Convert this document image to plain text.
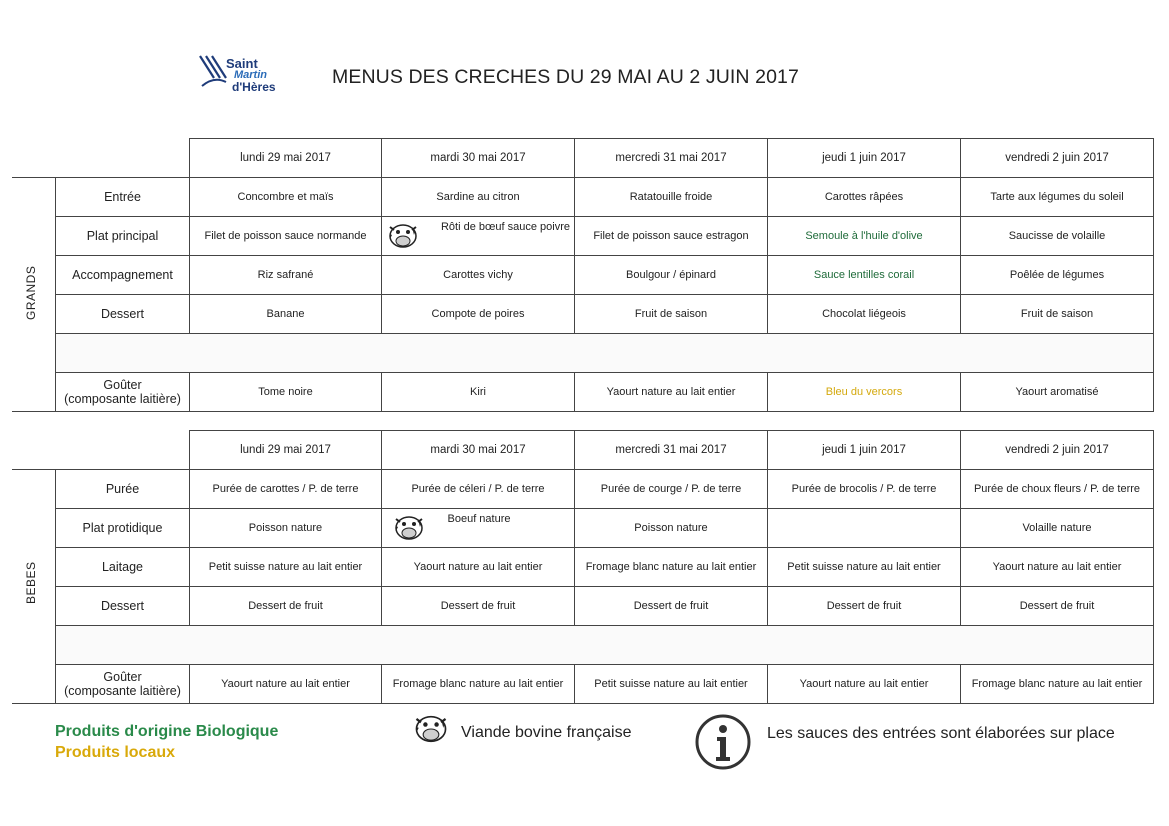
Saint
Martin
d'Hères	MENUS DES CRECHES DU 29 MAI AU 2 JUIN 2017
GRANDS
	lundi 29 mai 2017	mardi 30 mai 2017	mercredi 31 mai 2017	jeudi 1 juin 2017	vendredi 2 juin 2017
Entrée	Concombre et maïs	Sardine au citron	Ratatouille froide	Carottes râpées	Tarte aux légumes du soleil
Plat principal	Filet de poisson sauce normande	Rôti de bœuf sauce poivre	Filet de poisson sauce estragon	Semoule à l'huile d'olive	Saucisse de volaille
Accompagnement	Riz safrané	Carottes vichy	Boulgour / épinard	Sauce lentilles corail	Poêlée de légumes
Dessert	Banane	Compote de poires	Fruit de saison	Chocolat liégeois	Fruit de saison

Goûter
(composante laitière)	Tome noire	Kiri	Yaourt nature au lait entier	Bleu du vercors	Yaourt aromatisé
BEBES
	lundi 29 mai 2017	mardi 30 mai 2017	mercredi 31 mai 2017	jeudi 1 juin 2017	vendredi 2 juin 2017
Purée	Purée de carottes / P. de terre	Purée de céleri / P. de terre	Purée de courge / P. de terre	Purée de brocolis / P. de terre	Purée de choux fleurs / P. de terre
Plat protidique	Poisson nature	Boeuf nature	Poisson nature		Volaille nature
Laitage	Petit suisse nature au lait entier	Yaourt nature au lait entier	Fromage blanc nature au lait entier	Petit suisse nature au lait entier	Yaourt nature au lait entier
Dessert	Dessert de fruit	Dessert de fruit	Dessert de fruit	Dessert de fruit	Dessert de fruit

Goûter
(composante laitière)	Yaourt nature au lait entier	Fromage blanc nature au lait entier	Petit suisse nature au lait entier	Yaourt nature au lait entier	Fromage blanc nature au lait entier
Produits d'origine Biologique
Produits locaux
Viande bovine française	Les sauces des entrées sont élaborées sur place
